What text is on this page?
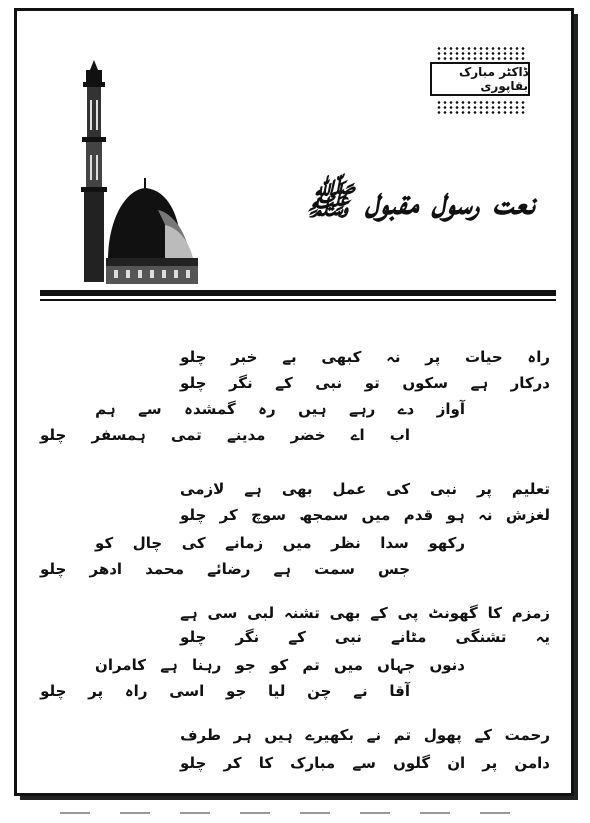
ڈاکٹر مبارک بقاپوری
نعت رسول مقبول ﷺ
راہ
حیات
پر
نہ
کبھی
بے
خبر
چلو
درکار
ہے
سکوں
تو
نبی
کے
نگر
چلو
آواز
دے
رہے
ہیں
رہ
گمشدہ
سے
ہم
اب
اے
خضر
مدینے
تمی
ہمسفر
چلو
تعلیم
پر
نبی
کی
عمل
بھی
ہے
لازمی
لغزش
نہ
ہو
قدم
میں
سمجھ
سوچ
کر
چلو
رکھو
سدا
نظر
میں
زمانے
کی
چال
کو
جس
سمت
ہے
رضائے
محمد
ادھر
چلو
زمزم
کا
گھونٹ
پی
کے
بھی
تشنہ
لبی
سی
ہے
یہ
تشنگی
مٹانے
نبی
کے
نگر
چلو
دنوں
جہاں
میں
تم
کو
جو
رہنا
ہے
کامران
آقا
نے
چن
لیا
جو
اسی
راہ
پر
چلو
رحمت
کے
پھول
تم
نے
بکھیرے
ہیں
ہر
طرف
دامن
پر
ان
گلوں
سے
مبارک
کا
کر
چلو
